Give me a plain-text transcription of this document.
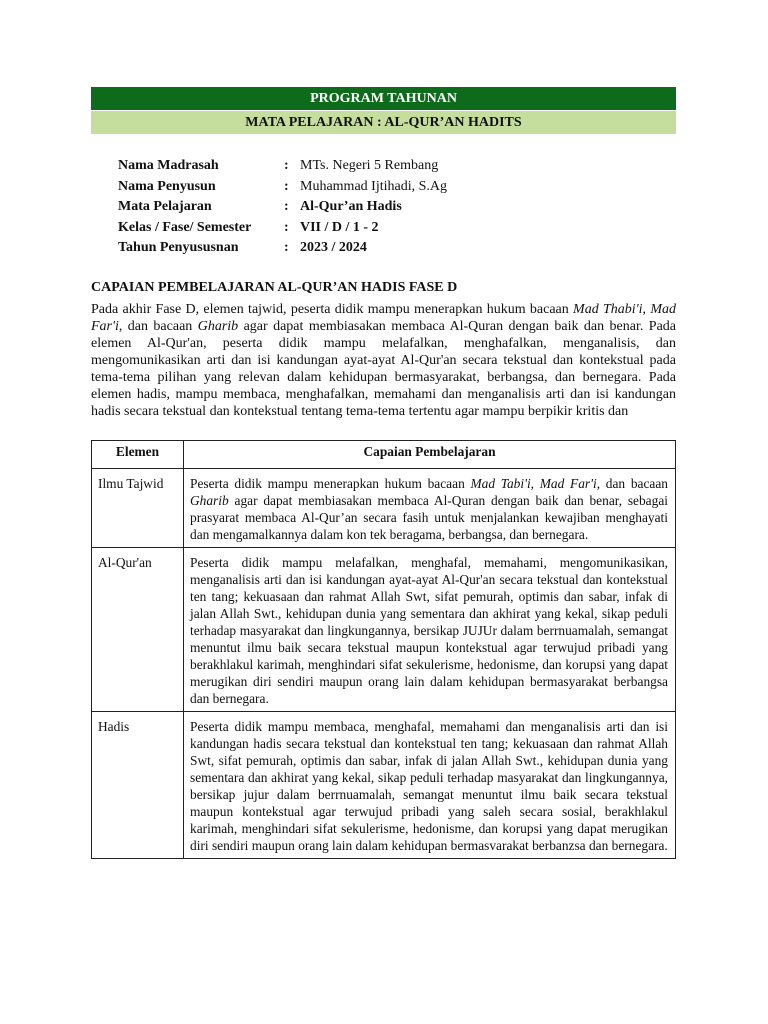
PROGRAM TAHUNAN
MATA PELAJARAN : AL-QUR’AN HADITS
Nama Madrasah	:	MTs. Negeri 5 Rembang
Nama Penyusun	:	Muhammad Ijtihadi, S.Ag
Mata Pelajaran	:	Al-Qur’an Hadis
Kelas / Fase/ Semester	:	VII / D / 1 - 2
Tahun Penyususnan	:	2023 / 2024
CAPAIAN PEMBELAJARAN AL-QUR’AN HADIS FASE D

Pada akhir Fase D, elemen tajwid, peserta didik mampu menerapkan hukum bacaan Mad Thabi'i, Mad Far'i, dan bacaan Gharib agar dapat membiasakan membaca Al-Quran dengan baik dan benar. Pada elemen Al-Qur'an, peserta didik mampu melafalkan, menghafalkan, menganalisis, dan mengomunikasikan arti dan isi kandungan ayat-ayat Al-Qur'an secara tekstual dan kontekstual pada tema-tema pilihan yang relevan dalam kehidupan bermasyarakat, berbangsa, dan bernegara. Pada elemen hadis, mampu membaca, menghafalkan, memahami dan menganalisis arti dan isi kandungan hadis secara tekstual dan kontekstual tentang tema-tema tertentu agar mampu berpikir kritis dan

Elemen	Capaian Pembelajaran
Ilmu Tajwid	Peserta didik mampu menerapkan hukum bacaan Mad Tabi'i, Mad Far'i, dan bacaan Gharib agar dapat membiasakan membaca Al-Quran dengan baik dan benar, sebagai prasyarat membaca Al-Qur’an secara fasih untuk menjalankan kewajiban menghayati dan mengamalkannya dalam kon tek beragama, berbangsa, dan bernegara.
Al-Qur'an	Peserta didik mampu melafalkan, menghafal, memahami, mengomunikasikan, menganalisis arti dan isi kandungan ayat-ayat Al-Qur'an secara tekstual dan kontekstual ten tang; kekuasaan dan rahmat Allah Swt, sifat pemurah, optimis dan sabar, infak di jalan Allah Swt., kehidupan dunia yang sementara dan akhirat yang kekal, sikap peduli terhadap masyarakat dan lingkungannya, bersikap JUJUr dalam berrnuamalah, semangat menuntut ilmu baik secara tekstual maupun kontekstual agar terwujud pribadi yang berakhlakul karimah, menghindari sifat sekulerisme, hedonisme, dan korupsi yang dapat merugikan diri sendiri maupun orang lain dalam kehidupan bermasyarakat berbangsa dan bernegara.
Hadis	Peserta didik mampu membaca, menghafal, memahami dan menganalisis arti dan isi kandungan hadis secara tekstual dan kontekstual ten tang; kekuasaan dan rahmat Allah Swt, sifat pemurah, optimis dan sabar, infak di jalan Allah Swt., kehidupan dunia yang sementara dan akhirat yang kekal, sikap peduli terhadap masyarakat dan lingkungannya, bersikap jujur dalam berrnuamalah, semangat menuntut ilmu baik secara tekstual maupun kontekstual agar terwujud pribadi yang saleh secara sosial, berakhlakul karimah, menghindari sifat sekulerisme, hedonisme, dan korupsi yang dapat merugikan diri sendiri maupun orang lain dalam kehidupan bermasvarakat berbanzsa dan bernegara.
